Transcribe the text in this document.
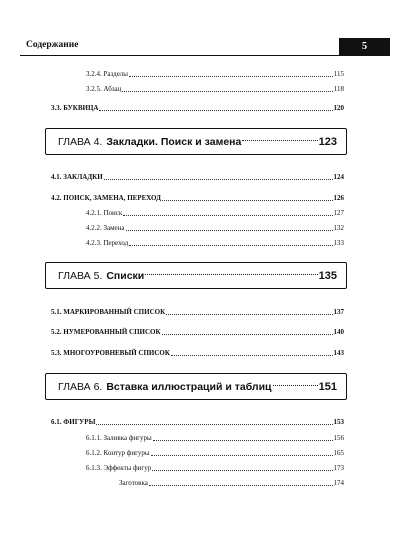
Содержание	5
3.2.4. Разделы	115
3.2.5. Абзац	118
3.3. БУКВИЦА	120
ГЛАВА 4. Закладки. Поиск и замена	123
4.1. ЗАКЛАДКИ	124
4.2. ПОИСК, ЗАМЕНА, ПЕРЕХОД	126
4.2.1. Поиск	127
4.2.2. Замена	132
4.2.3. Переход	133
ГЛАВА 5. Списки	135
5.1. МАРКИРОВАННЫЙ СПИСОК	137
5.2. НУМЕРОВАННЫЙ СПИСОК	140
5.3. МНОГОУРОВНЕВЫЙ СПИСОК	143
ГЛАВА 6. Вставка иллюстраций и таблиц	151
6.1. ФИГУРЫ	153
6.1.1. Заливка фигуры	156
6.1.2. Контур фигуры	165
6.1.3. Эффекты фигур	173
Заготовка	174
